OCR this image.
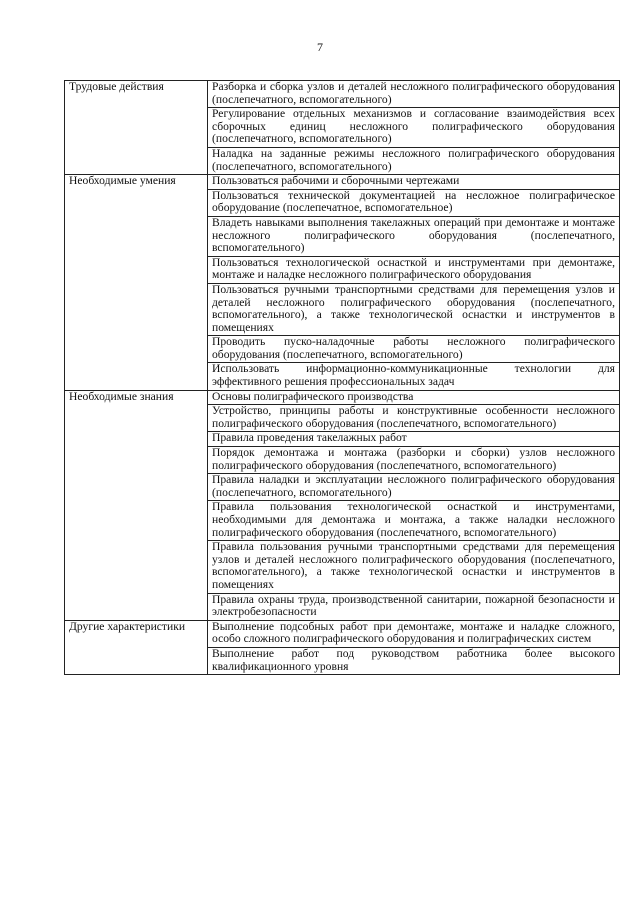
7
Трудовые действия	Разборка и сборка узлов и деталей несложного полиграфического оборудования (послепечатного, вспомогательного)
	Регулирование отдельных механизмов и согласование взаимодействия всех сборочных единиц несложного полиграфического оборудования (послепечатного, вспомогательного)
	Наладка на заданные режимы несложного полиграфического оборудования (послепечатного, вспомогательного)
Необходимые умения	Пользоваться рабочими и сборочными чертежами
	Пользоваться технической документацией на несложное полиграфическое оборудование (послепечатное, вспомогательное)
	Владеть навыками выполнения такелажных операций при демонтаже и монтаже несложного полиграфического оборудования (послепечатного, вспомогательного)
	Пользоваться технологической оснасткой и инструментами при демонтаже, монтаже и наладке несложного полиграфического оборудования
	Пользоваться ручными транспортными средствами для перемещения узлов и деталей несложного полиграфического оборудования (послепечатного, вспомогательного), а также технологической оснастки и инструментов в помещениях
	Проводить пуско-наладочные работы несложного полиграфического оборудования (послепечатного, вспомогательного)
	Использовать информационно-коммуникационные технологии для эффективного решения профессиональных задач
Необходимые знания	Основы полиграфического производства
	Устройство, принципы работы и конструктивные особенности несложного полиграфического оборудования (послепечатного, вспомогательного)
	Правила проведения такелажных работ
	Порядок демонтажа и монтажа (разборки и сборки) узлов несложного полиграфического оборудования (послепечатного, вспомогательного)
	Правила наладки и эксплуатации несложного полиграфического оборудования (послепечатного, вспомогательного)
	Правила пользования технологической оснасткой и инструментами, необходимыми для демонтажа и монтажа, а также наладки несложного полиграфического оборудования (послепечатного, вспомогательного)
	Правила пользования ручными транспортными средствами для перемещения узлов и деталей несложного полиграфического оборудования (послепечатного, вспомогательного), а также технологической оснастки и инструментов в помещениях
	Правила охраны труда, производственной санитарии, пожарной безопасности и электробезопасности
Другие характеристики	Выполнение подсобных работ при демонтаже, монтаже и наладке сложного, особо сложного полиграфического оборудования и полиграфических систем
	Выполнение работ под руководством работника более высокого квалификационного уровня
